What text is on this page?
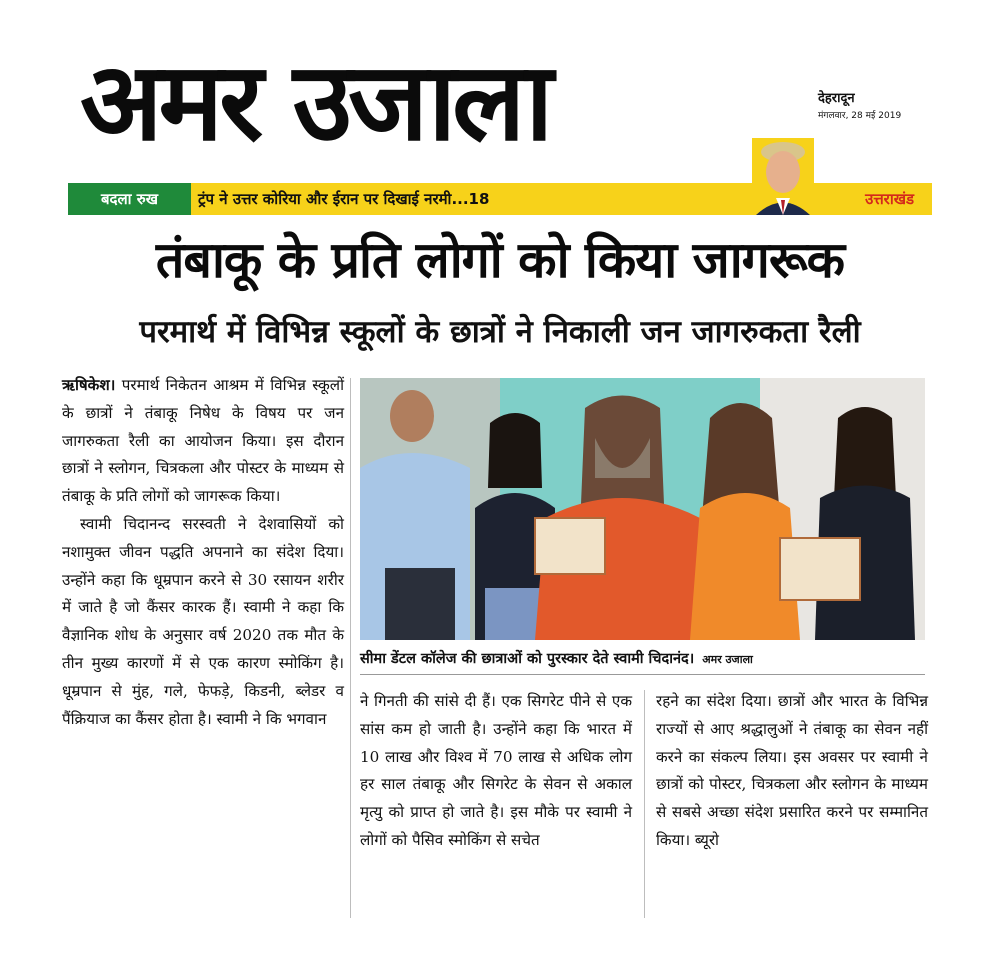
अमर उजाला	देहरादून
मंगलवार, 28 मई 2019
बदला रुख	ट्रंप ने उत्तर कोरिया और ईरान पर दिखाई नरमी...18	उत्तराखंड
तंबाकू के प्रति लोगों को किया जागरूक
परमार्थ में विभिन्न स्कूलों के छात्रों ने निकाली जन जागरुकता रैली

ऋषिकेश। परमार्थ निकेतन आश्रम में विभिन्न स्कूलों के छात्रों ने तंबाकू निषेध के विषय पर जन जागरुकता रैली का आयोजन किया। इस दौरान छात्रों ने स्लोगन, चित्रकला और पोस्टर के माध्यम से तंबाकू के प्रति लोगों को जागरूक किया।

स्वामी चिदानन्द सरस्वती ने देशवासियों को नशामुक्त जीवन पद्धति अपनाने का संदेश दिया। उन्होंने कहा कि धूम्रपान करने से 30 रसायन शरीर में जाते है जो कैंसर कारक हैं। स्वामी ने कहा कि वैज्ञानिक शोध के अनुसार वर्ष 2020 तक मौत के तीन मुख्य कारणों में से एक कारण स्मोकिंग है। धूम्रपान से मुंह, गले, फेफड़े, किडनी, ब्लेडर व पैंक्रियाज का कैंसर होता है। स्वामी ने कि भगवान

सीमा डेंटल कॉलेज की छात्राओं को पुरस्कार देते स्वामी चिदानंद। अमर उजाला

ने गिनती की सांसे दी हैं। एक सिगरेट पीने से एक सांस कम हो जाती है। उन्होंने कहा कि भारत में 10 लाख और विश्व में 70 लाख से अधिक लोग हर साल तंबाकू और सिगरेट के सेवन से अकाल मृत्यु को प्राप्त हो जाते है। इस मौके पर स्वामी ने लोगों को पैसिव स्मोकिंग से सचेत

रहने का संदेश दिया। छात्रों और भारत के विभिन्न राज्यों से आए श्रद्धालुओं ने तंबाकू का सेवन नहीं करने का संकल्प लिया। इस अवसर पर स्वामी ने छात्रों को पोस्टर, चित्रकला और स्लोगन के माध्यम से सबसे अच्छा संदेश प्रसारित करने पर सम्मानित किया। ब्यूरो
